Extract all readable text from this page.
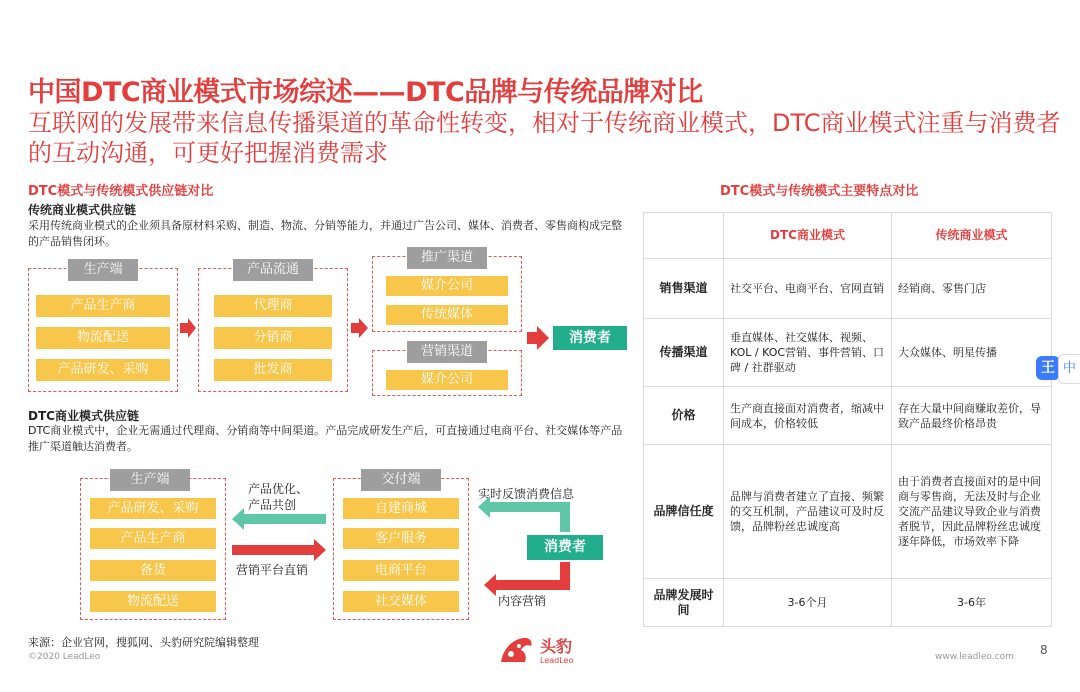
中国DTC商业模式市场综述——DTC品牌与传统品牌对比
互联网的发展带来信息传播渠道的革命性转变，相对于传统商业模式，DTC商业模式注重与消费者的互动沟通，可更好把握消费需求
DTC模式与传统模式供应链对比
传统商业模式供应链
采用传统商业模式的企业须具备原材料采购、制造、物流、分销等能力，并通过广告公司、媒体、消费者、零售商构成完整的产品销售闭环。
生产端
产品生产商
物流配送
产品研发、采购
产品流通
代理商
分销商
批发商
推广渠道
媒介公司
传统媒体
营销渠道
媒介公司
消费者
DTC商业模式供应链
DTC商业模式中，企业无需通过代理商、分销商等中间渠道。产品完成研发生产后，可直接通过电商平台、社交媒体等产品推广渠道触达消费者。
生产端
产品研发、采购
产品生产商
备货
物流配送
交付端
自建商城
客户服务
电商平台
社交媒体
消费者
产品优化、
产品共创
营销平台直销
实时反馈消费信息
内容营销
DTC模式与传统模式主要特点对比
	DTC商业模式	传统商业模式
销售渠道	社交平台、电商平台、官网直销	经销商、零售门店
传播渠道	垂直媒体、社交媒体、视频、KOL / KOC营销、事件营销、口碑 / 社群驱动	大众媒体、明星传播
价格	生产商直接面对消费者，缩减中间成本，价格较低	存在大量中间商赚取差价，导致产品最终价格昂贵
品牌信任度	品牌与消费者建立了直接、频繁的交互机制，产品建议可及时反馈，品牌粉丝忠诚度高	由于消费者直接面对的是中间商与零售商，无法及时与企业交流产品建议导致企业与消费者脱节，因此品牌粉丝忠诚度逐年降低，市场效率下降
品牌发展时间	3-6个月	3-6年
王 中
来源：企业官网，搜狐网、头豹研究院编辑整理
©2020 LeadLeo
头豹
LeadLeo	www.leadleo.com 8
